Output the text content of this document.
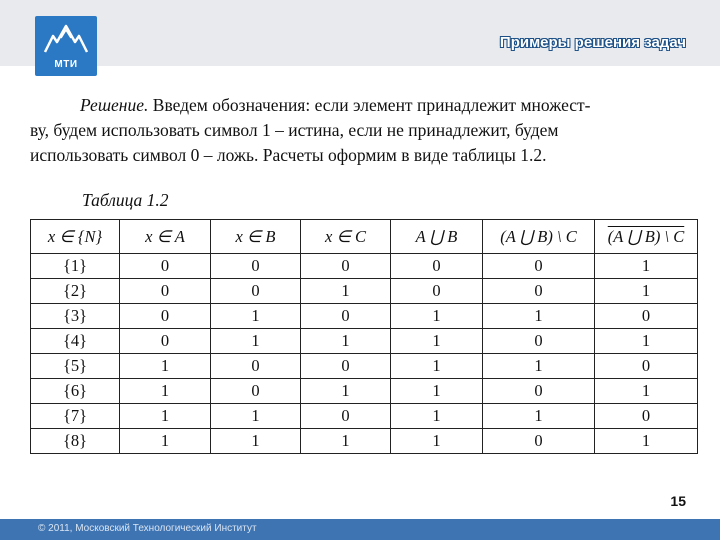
МТИ
Примеры решения задач
Решение. Введем обозначения: если элемент принадлежит множест-
ву, будем использовать символ 1 – истина, если не принадлежит, будем
использовать символ 0 – ложь. Расчеты оформим в виде таблицы 1.2.
Таблица 1.2
x ∈ {N}	x ∈ A	x ∈ B	x ∈ C	A ⋃ B	(A ⋃ B) \ C	(A ⋃ B) \ C
{1}	0	0	0	0	0	1
{2}	0	0	1	0	0	1
{3}	0	1	0	1	1	0
{4}	0	1	1	1	0	1
{5}	1	0	0	1	1	0
{6}	1	0	1	1	0	1
{7}	1	1	0	1	1	0
{8}	1	1	1	1	0	1
15
© 2011, Московский Технологический Институт
